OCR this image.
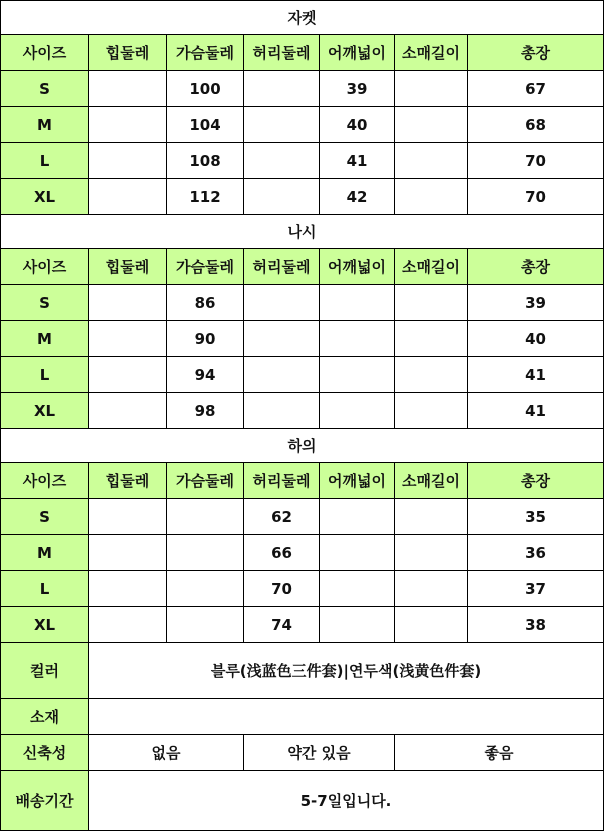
자켓						
사이즈	힙둘레	가슴둘레	허리둘레	어깨넓이	소매길이	총장
S		100		39		67
M		104		40		68
L		108		41		70
XL		112		42		70
나시						
사이즈	힙둘레	가슴둘레	허리둘레	어깨넓이	소매길이	총장
S		86				39
M		90				40
L		94				41
XL		98				41
하의						
사이즈	힙둘레	가슴둘레	허리둘레	어깨넓이	소매길이	총장
S			62			35
M			66			36
L			70			37
XL			74			38
컬러	블루(浅蓝色三件套)|연두색(浅黄色件套)					
소재						
신축성	없음		약간 있음		좋음	
배송기간	5-7일입니다.					
